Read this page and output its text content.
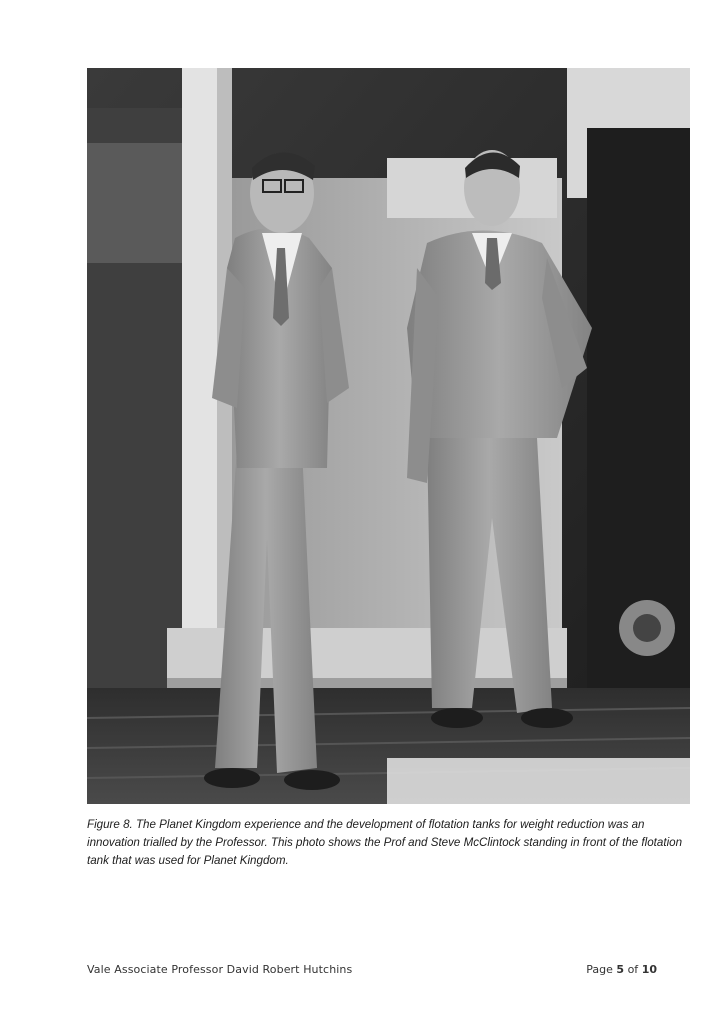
Figure 8. The Planet Kingdom experience and the development of flotation tanks for weight reduction was an innovation trialled by the Professor. This photo shows the Prof and Steve McClintock standing in front of the flotation tank that was used for Planet Kingdom.

Vale Associate Professor David Robert Hutchins	Page 5 of 10
